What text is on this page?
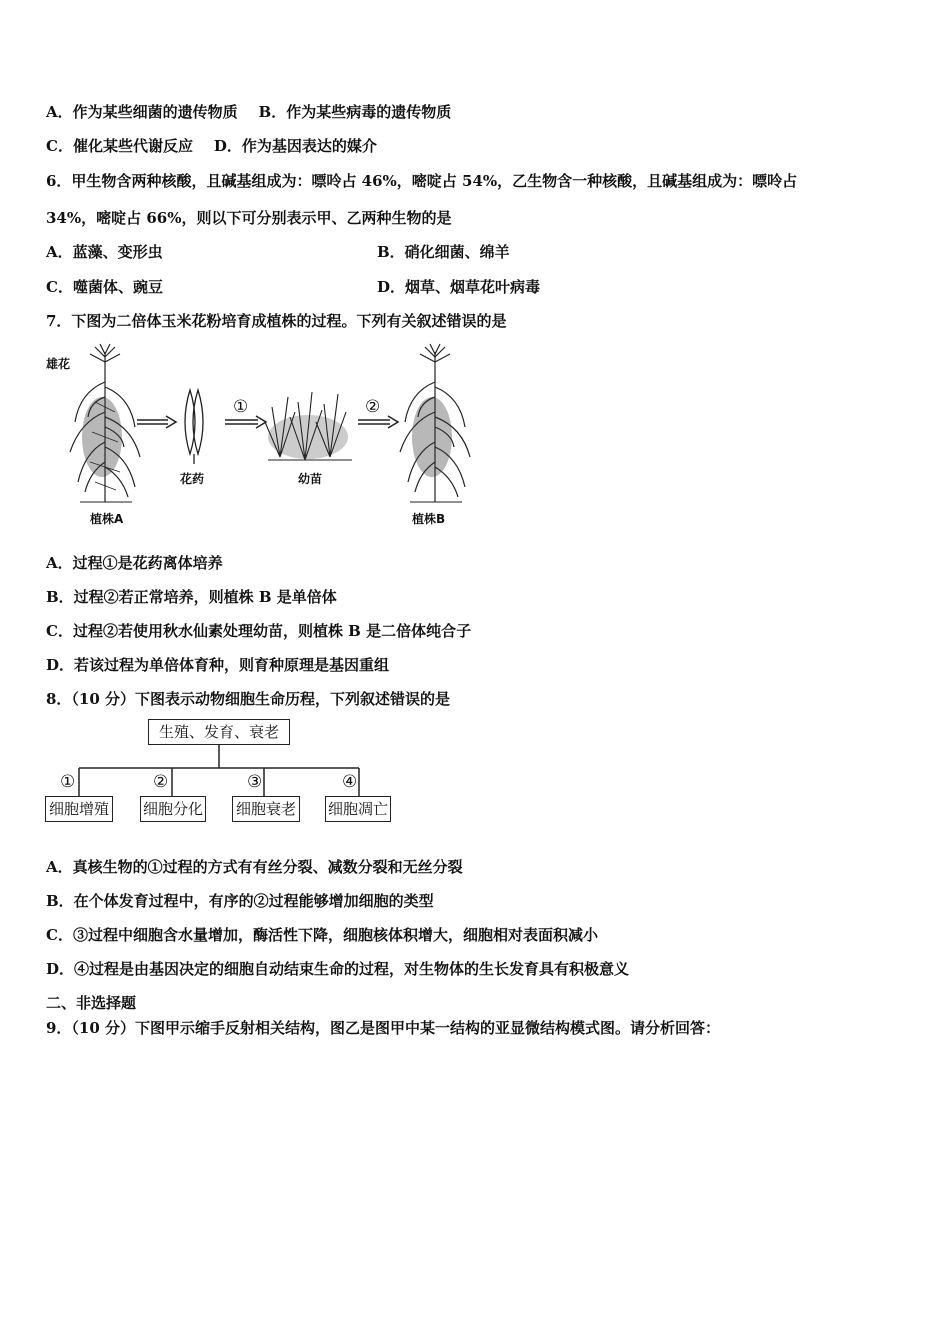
A．作为某些细菌的遗传物质 B．作为某些病毒的遗传物质
C．催化某些代谢反应 D．作为基因表达的媒介
6．甲生物含两种核酸，且碱基组成为：嘌呤占 46%，嘧啶占 54%，乙生物含一种核酸，且碱基组成为：嘌呤占
34%，嘧啶占 66%，则以下可分别表示甲、乙两种生物的是
A．蓝藻、变形虫	B．硝化细菌、绵羊
C．噬菌体、豌豆	D．烟草、烟草花叶病毒
7．下图为二倍体玉米花粉培育成植株的过程。下列有关叙述错误的是
雄花
花药	幼苗
植株A	植株B
①	②
A．过程①是花药离体培养
B．过程②若正常培养，则植株 B 是单倍体
C．过程②若使用秋水仙素处理幼苗，则植株 B 是二倍体纯合子
D．若该过程为单倍体育种，则育种原理是基因重组
8．（10 分）下图表示动物细胞生命历程，下列叙述错误的是
生殖、发育、衰老
①	②	③	④
细胞增殖 细胞分化 细胞衰老 细胞凋亡
A．真核生物的①过程的方式有有丝分裂、减数分裂和无丝分裂
B．在个体发育过程中，有序的②过程能够增加细胞的类型
C．③过程中细胞含水量增加，酶活性下降，细胞核体积增大，细胞相对表面积减小
D．④过程是由基因决定的细胞自动结束生命的过程，对生物体的生长发育具有积极意义
二、非选择题
9．（10 分）下图甲示缩手反射相关结构，图乙是图甲中某一结构的亚显微结构模式图。请分析回答：
